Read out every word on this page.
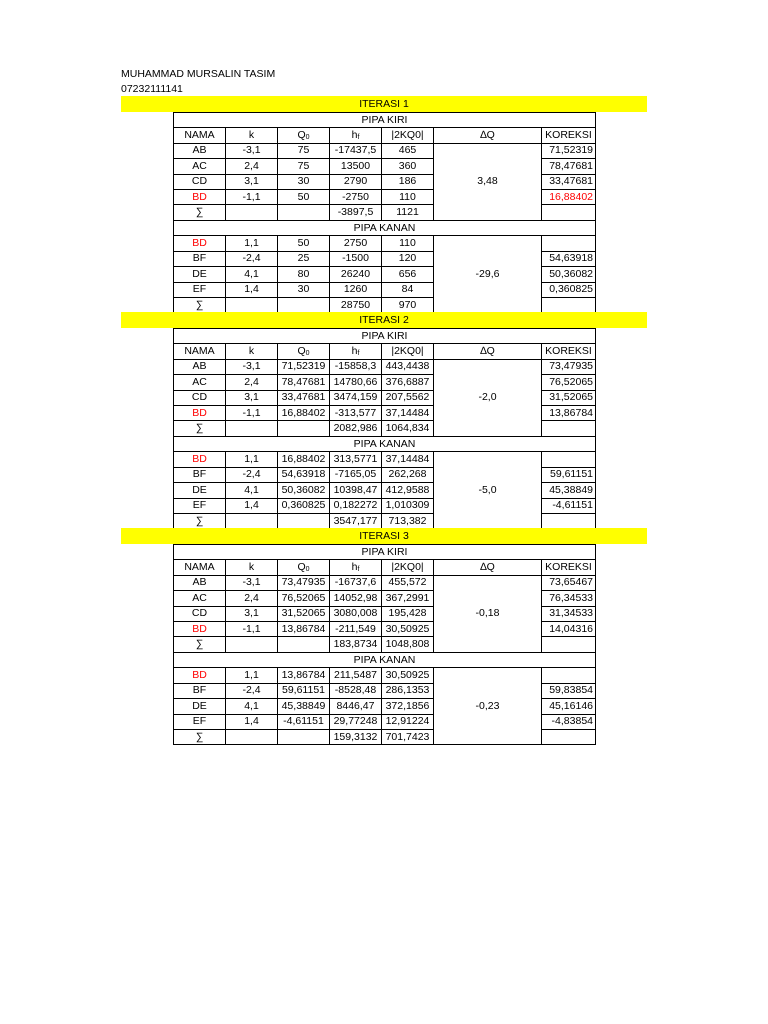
MUHAMMAD MURSALIN TASIM
07232111141
ITERASI 1
PIPA KIRI						
NAMA	k	$Q_0$	$h_f$	|2KQ0|	∆Q	KOREKSI
AB	-3,1	75	-17437,5	465	3,48	71,52319
AC	2,4	75	13500	360		78,47681
CD	3,1	30	2790	186		33,47681
BD	-1,1	50	-2750	110		16,88402
∑			-3897,5	1121		
PIPA KANAN						
BD	1,1	50	2750	110	-29,6	
BF	-2,4	25	-1500	120		54,63918
DE	4,1	80	26240	656		50,36082
EF	1,4	30	1260	84		0,360825
∑			28750	970		
ITERASI 2
PIPA KIRI						
NAMA	k	$Q_0$	$h_f$	|2KQ0|	∆Q	KOREKSI
AB	-3,1	71,52319	-15858,3	443,4438	-2,0	73,47935
AC	2,4	78,47681	14780,66	376,6887		76,52065
CD	3,1	33,47681	3474,159	207,5562		31,52065
BD	-1,1	16,88402	-313,577	37,14484		13,86784
∑			2082,986	1064,834		
PIPA KANAN						
BD	1,1	16,88402	313,5771	37,14484	-5,0	
BF	-2,4	54,63918	-7165,05	262,268		59,61151
DE	4,1	50,36082	10398,47	412,9588		45,38849
EF	1,4	0,360825	0,182272	1,010309		-4,61151
∑			3547,177	713,382		
ITERASI 3
PIPA KIRI						
NAMA	k	$Q_0$	$h_f$	|2KQ0|	∆Q	KOREKSI
AB	-3,1	73,47935	-16737,6	455,572	-0,18	73,65467
AC	2,4	76,52065	14052,98	367,2991		76,34533
CD	3,1	31,52065	3080,008	195,428		31,34533
BD	-1,1	13,86784	-211,549	30,50925		14,04316
∑			183,8734	1048,808		
PIPA KANAN						
BD	1,1	13,86784	211,5487	30,50925	-0,23	
BF	-2,4	59,61151	-8528,48	286,1353		59,83854
DE	4,1	45,38849	8446,47	372,1856		45,16146
EF	1,4	-4,61151	29,77248	12,91224		-4,83854
∑			159,3132	701,7423		
